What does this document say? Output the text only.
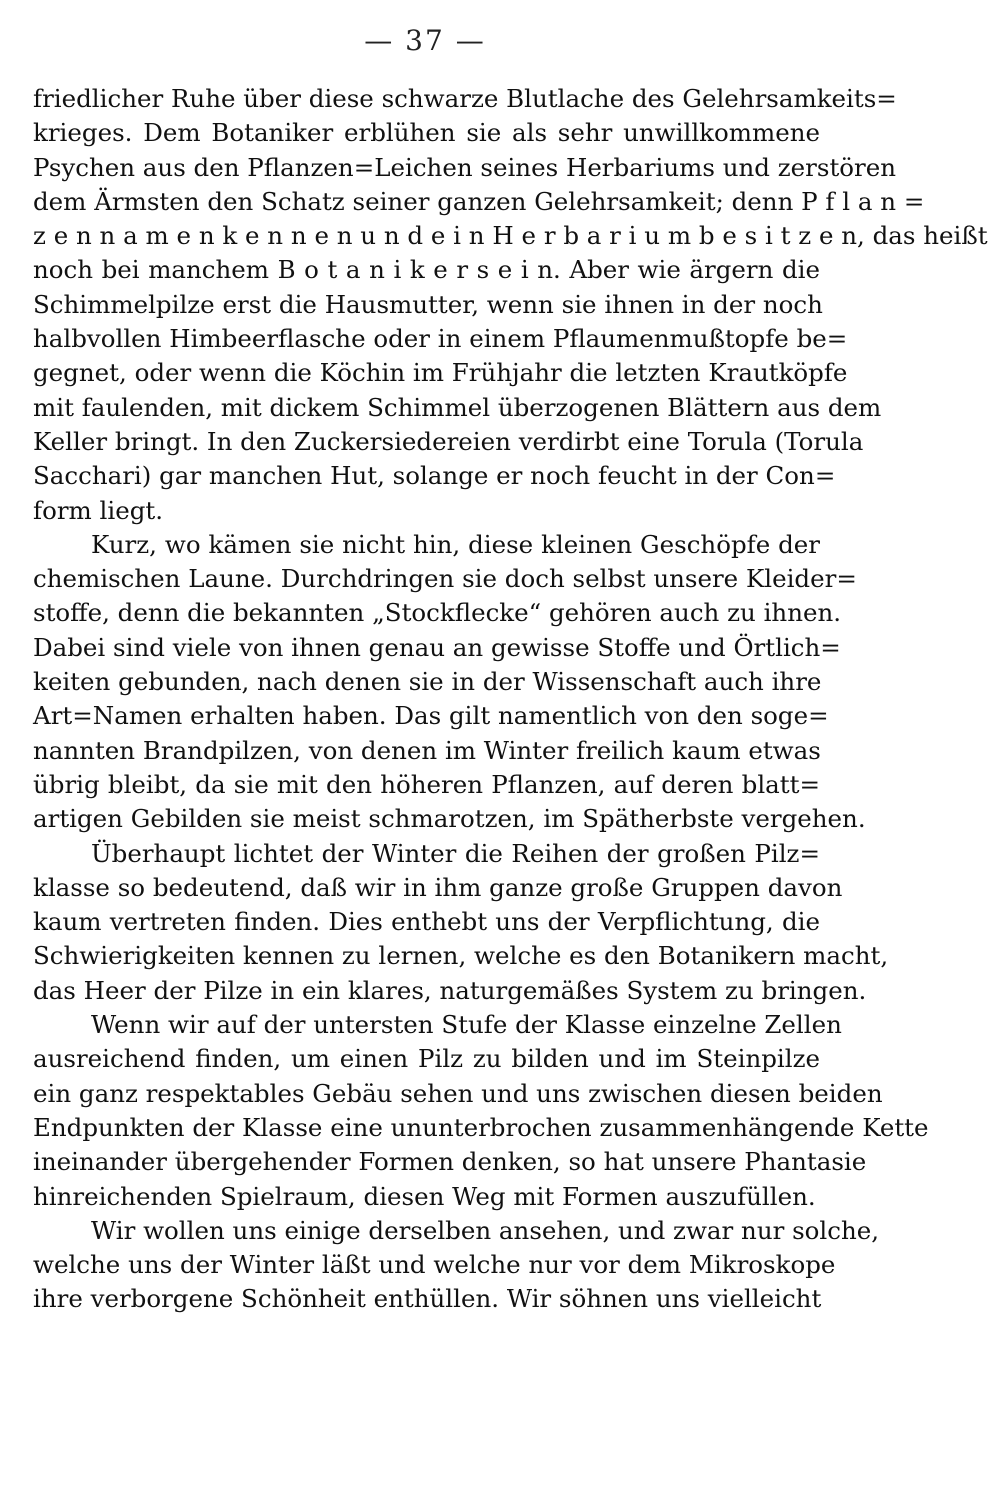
— 37 —
friedlicher Ruhe über diese schwarze Blutlache des Gelehrsamkeits=
krieges. Dem Botaniker erblühen sie als sehr unwillkommene
Psychen aus den Pflanzen=Leichen seines Herbariums und zerstören
dem Ärmsten den Schatz seiner ganzen Gelehrsamkeit; denn P f l a n =
z e n n a m e n k e n n e n u n d e i n H e r b a r i u m b e s i t z e n, das heißt
noch bei manchem B o t a n i k e r s e i n. Aber wie ärgern die
Schimmelpilze erst die Hausmutter, wenn sie ihnen in der noch
halbvollen Himbeerflasche oder in einem Pflaumenmußtopfe be=
gegnet, oder wenn die Köchin im Frühjahr die letzten Krautköpfe
mit faulenden, mit dickem Schimmel überzogenen Blättern aus dem
Keller bringt. In den Zuckersiedereien verdirbt eine Torula (Torula
Sacchari) gar manchen Hut, solange er noch feucht in der Con=
form liegt.
Kurz, wo kämen sie nicht hin, diese kleinen Geschöpfe der
chemischen Laune. Durchdringen sie doch selbst unsere Kleider=
stoffe, denn die bekannten „Stockflecke“ gehören auch zu ihnen.
Dabei sind viele von ihnen genau an gewisse Stoffe und Örtlich=
keiten gebunden, nach denen sie in der Wissenschaft auch ihre
Art=Namen erhalten haben. Das gilt namentlich von den soge=
nannten Brandpilzen, von denen im Winter freilich kaum etwas
übrig bleibt, da sie mit den höheren Pflanzen, auf deren blatt=
artigen Gebilden sie meist schmarotzen, im Spätherbste vergehen.
Überhaupt lichtet der Winter die Reihen der großen Pilz=
klasse so bedeutend, daß wir in ihm ganze große Gruppen davon
kaum vertreten finden. Dies enthebt uns der Verpflichtung, die
Schwierigkeiten kennen zu lernen, welche es den Botanikern macht,
das Heer der Pilze in ein klares, naturgemäßes System zu bringen.
Wenn wir auf der untersten Stufe der Klasse einzelne Zellen
ausreichend finden, um einen Pilz zu bilden und im Steinpilze
ein ganz respektables Gebäu sehen und uns zwischen diesen beiden
Endpunkten der Klasse eine ununterbrochen zusammenhängende Kette
ineinander übergehender Formen denken, so hat unsere Phantasie
hinreichenden Spielraum, diesen Weg mit Formen auszufüllen.
Wir wollen uns einige derselben ansehen, und zwar nur solche,
welche uns der Winter läßt und welche nur vor dem Mikroskope
ihre verborgene Schönheit enthüllen. Wir söhnen uns vielleicht
